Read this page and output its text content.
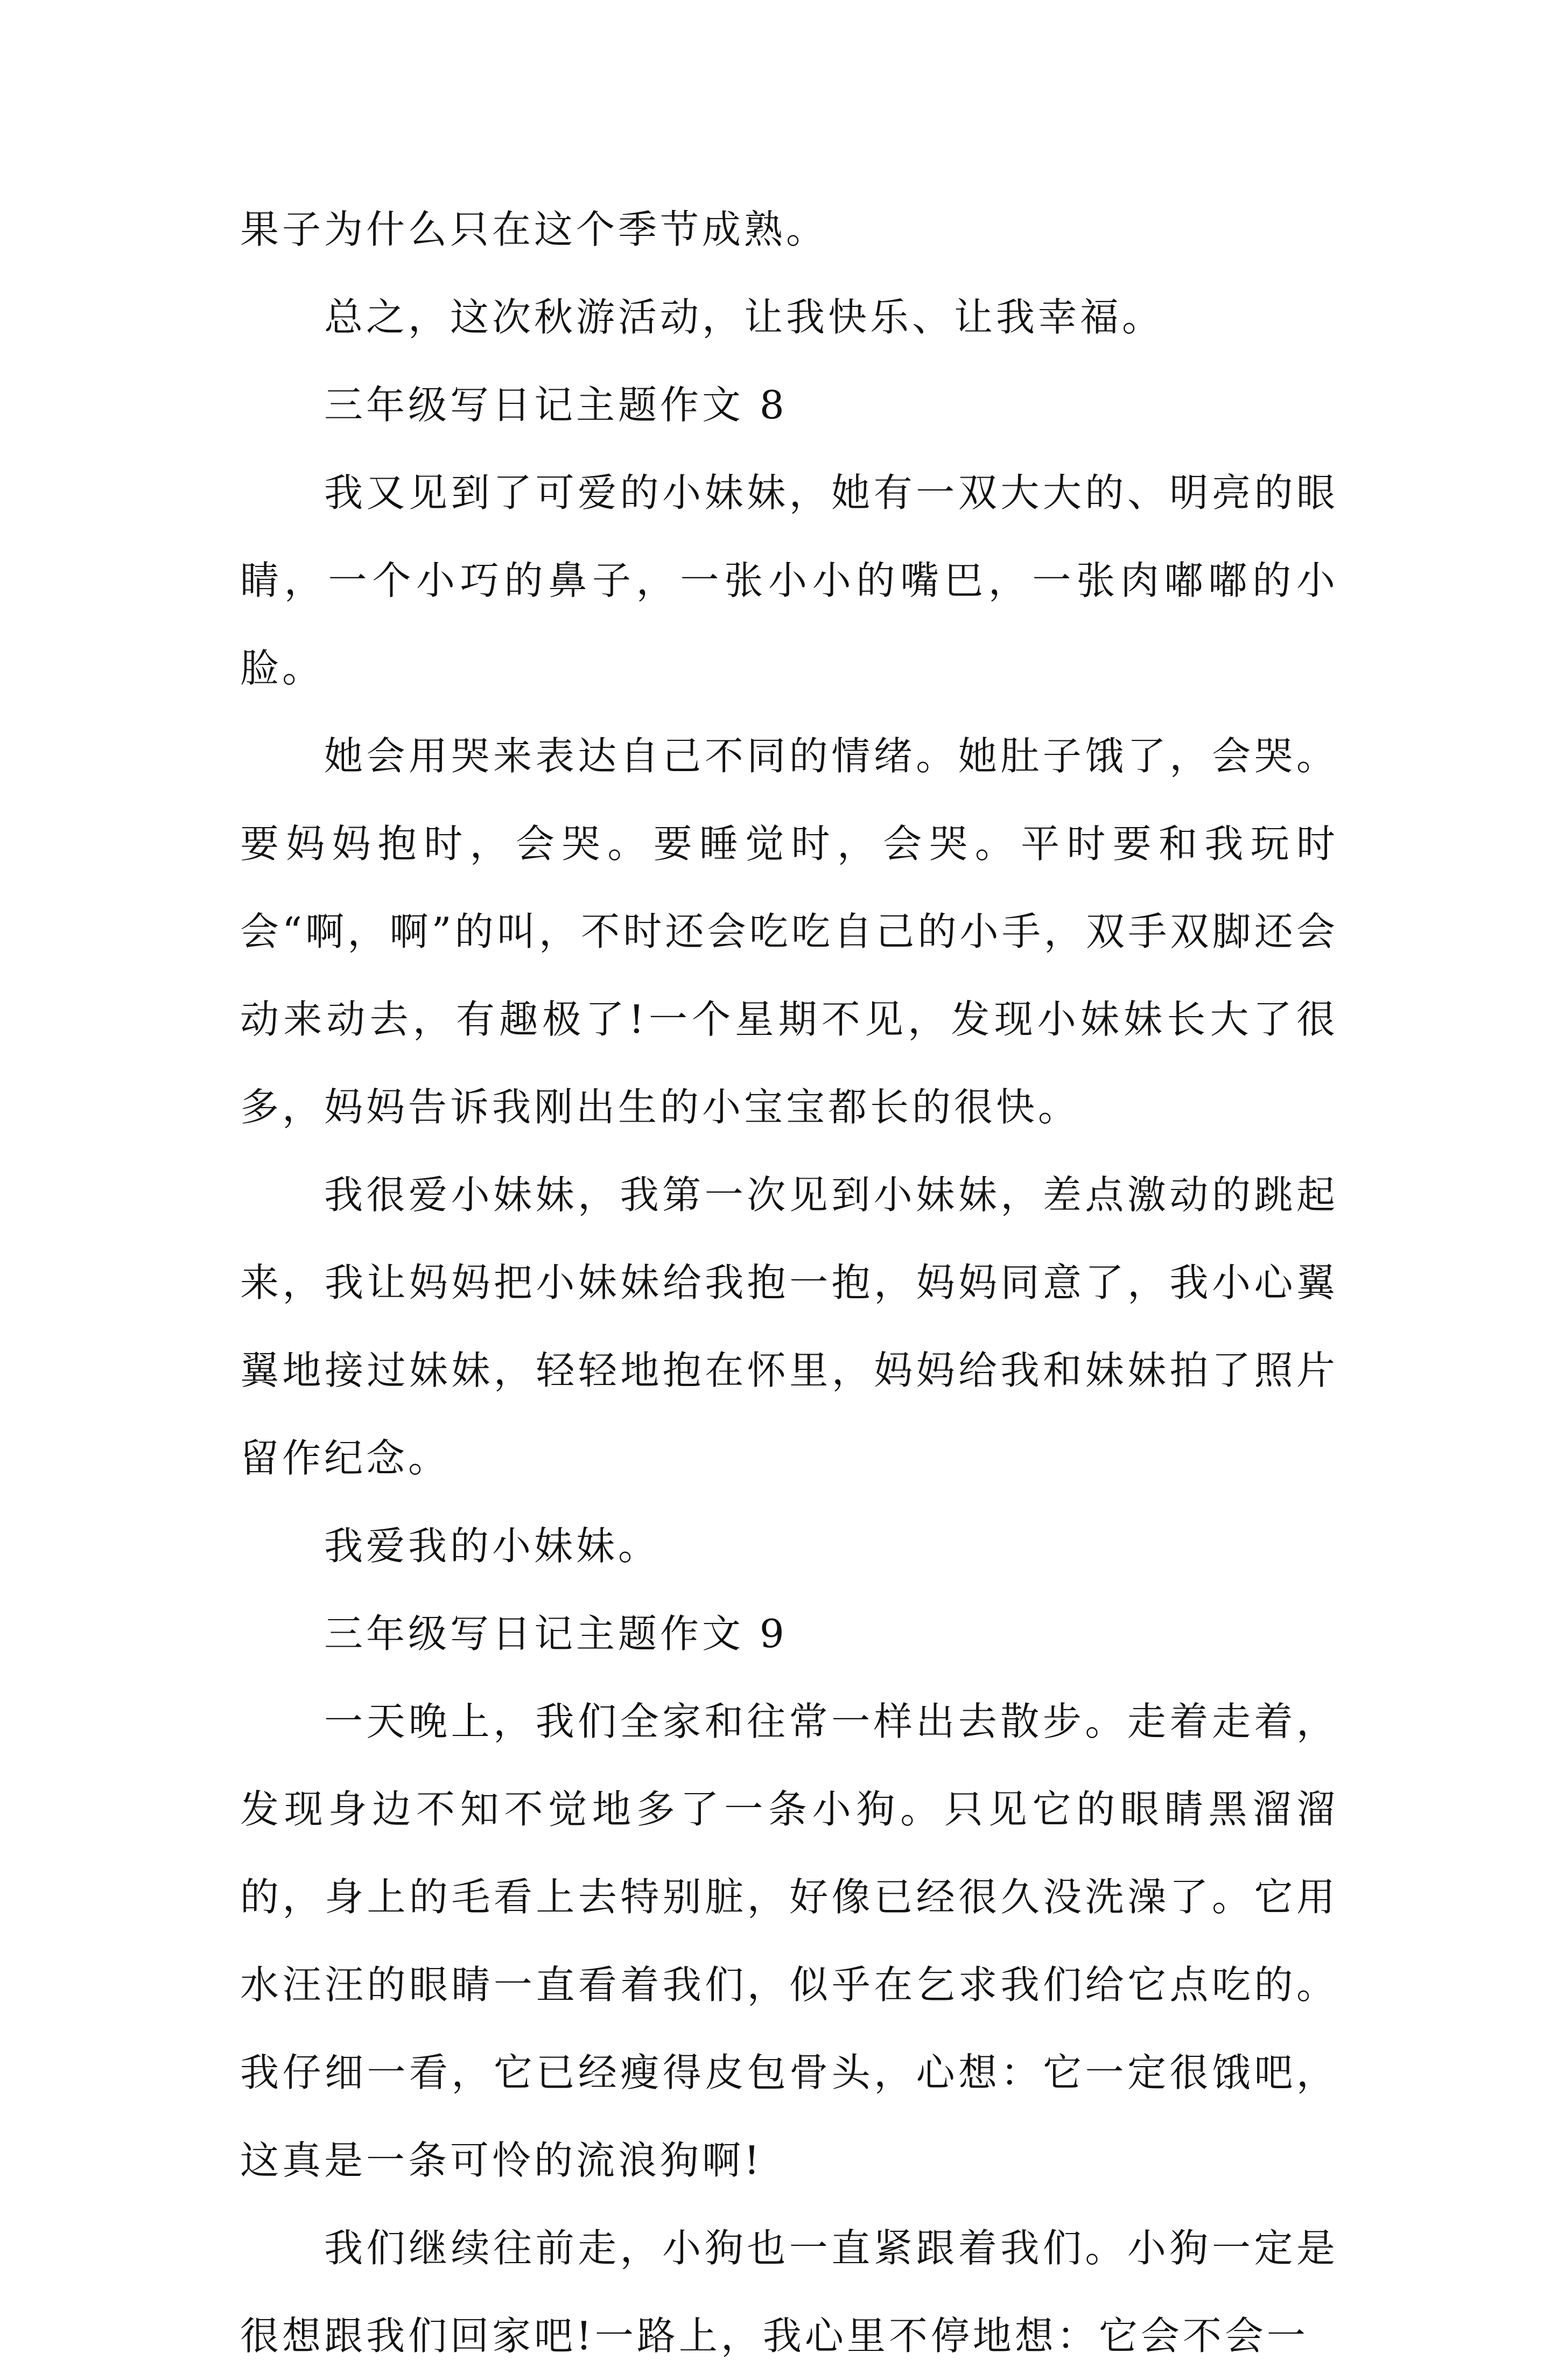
果子为什么只在这个季节成熟。

总之，这次秋游活动，让我快乐、让我幸福。

三年级写日记主题作文 8

我又见到了可爱的小妹妹，她有一双大大的、明亮的眼睛，一个小巧的鼻子，一张小小的嘴巴，一张肉嘟嘟的小脸。

她会用哭来表达自己不同的情绪。她肚子饿了，会哭。要妈妈抱时，会哭。要睡觉时，会哭。平时要和我玩时会“啊，啊”的叫，不时还会吃吃自己的小手，双手双脚还会动来动去，有趣极了!一个星期不见，发现小妹妹长大了很多，妈妈告诉我刚出生的小宝宝都长的很快。

我很爱小妹妹，我第一次见到小妹妹，差点激动的跳起来，我让妈妈把小妹妹给我抱一抱，妈妈同意了，我小心翼翼地接过妹妹，轻轻地抱在怀里，妈妈给我和妹妹拍了照片留作纪念。

我爱我的小妹妹。

三年级写日记主题作文 9

一天晚上，我们全家和往常一样出去散步。走着走着，发现身边不知不觉地多了一条小狗。只见它的眼睛黑溜溜的，身上的毛看上去特别脏，好像已经很久没洗澡了。它用水汪汪的眼睛一直看着我们，似乎在乞求我们给它点吃的。我仔细一看，它已经瘦得皮包骨头，心想：它一定很饿吧，这真是一条可怜的流浪狗啊!

我们继续往前走，小狗也一直紧跟着我们。小狗一定是很想跟我们回家吧!一路上，我心里不停地想：它会不会一
